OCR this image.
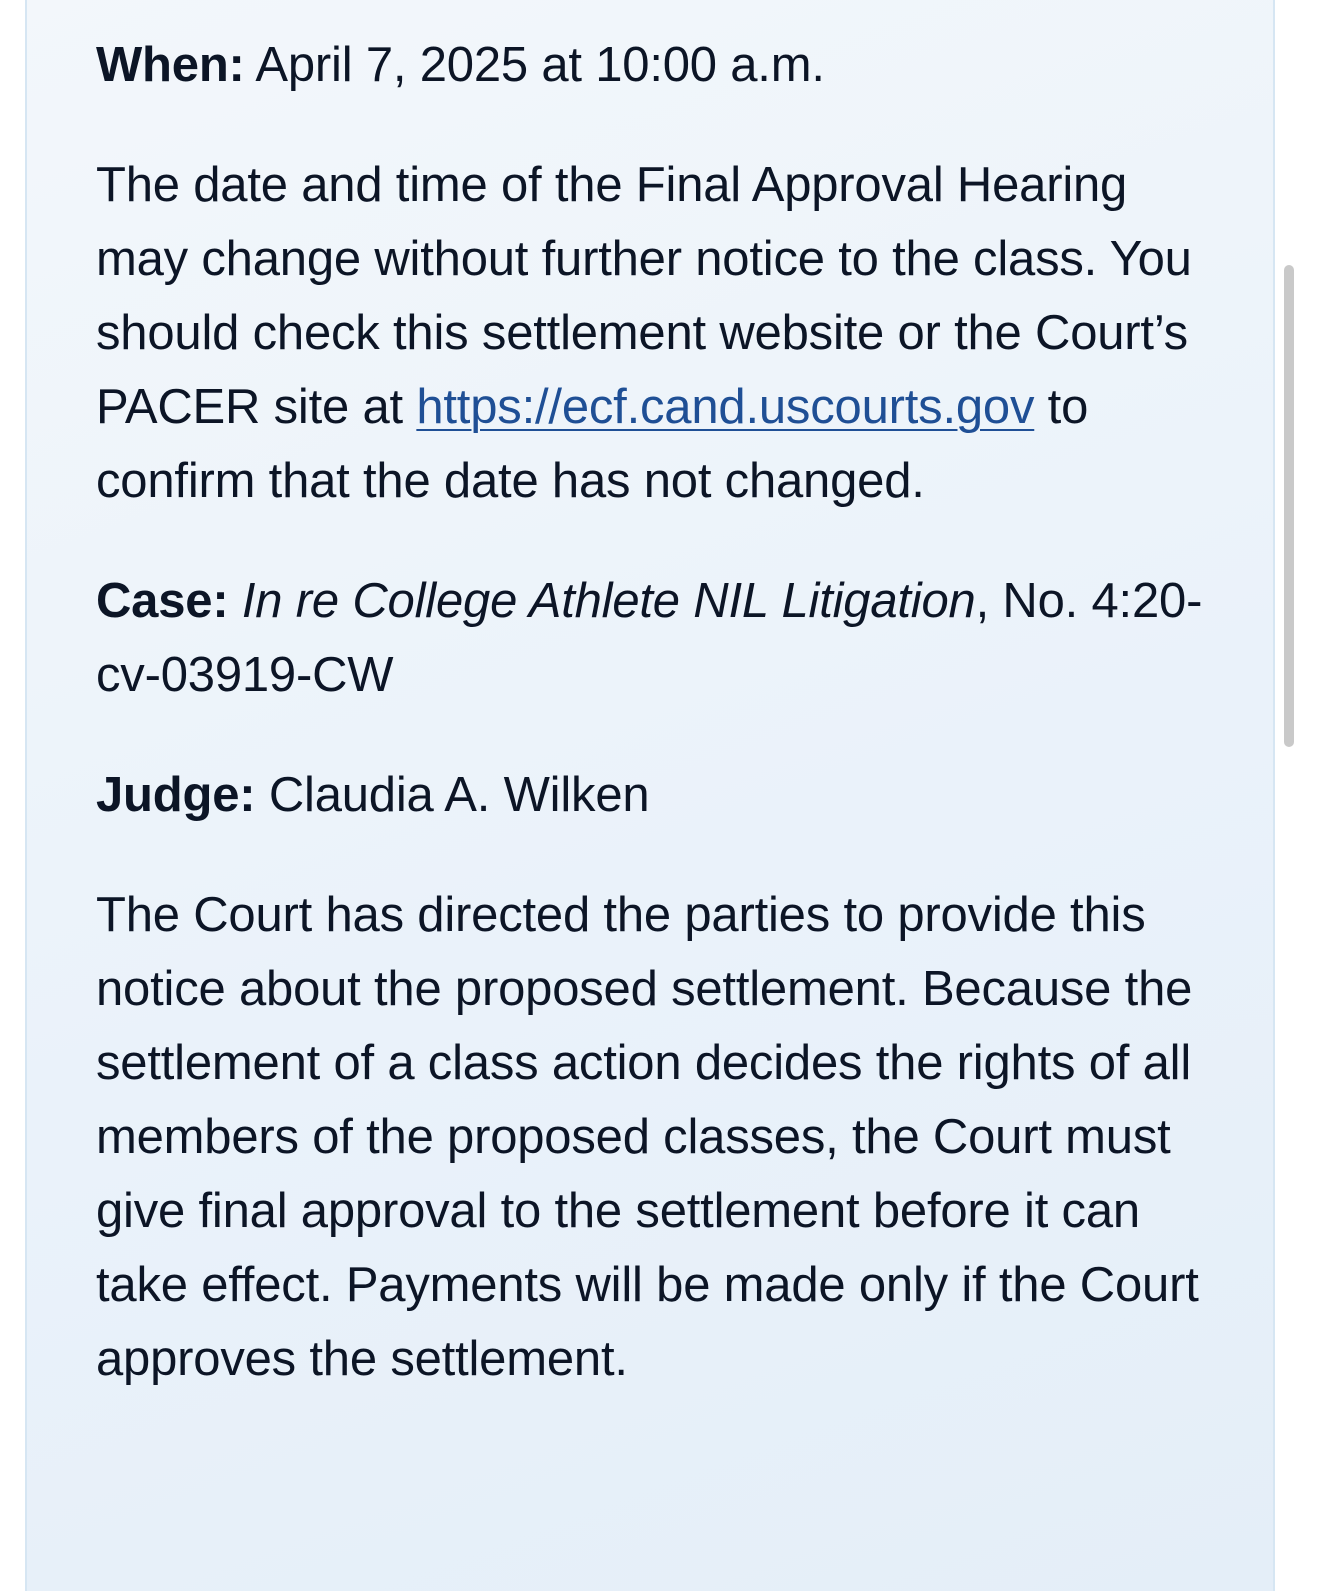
When: April 7, 2025 at 10:00 a.m.

The date and time of the Final Approval Hearing may change without further notice to the class. You should check this settlement website or the Court’s PACER site at https://ecf.cand.uscourts.gov to confirm that the date has not changed.

Case: In re College Athlete NIL Litigation, No. 4:20-cv-03919-CW

Judge: Claudia A. Wilken

The Court has directed the parties to provide this notice about the proposed settlement. Because the settlement of a class action decides the rights of all members of the proposed classes, the Court must give final approval to the settlement before it can take effect. Payments will be made only if the Court approves the settlement.
